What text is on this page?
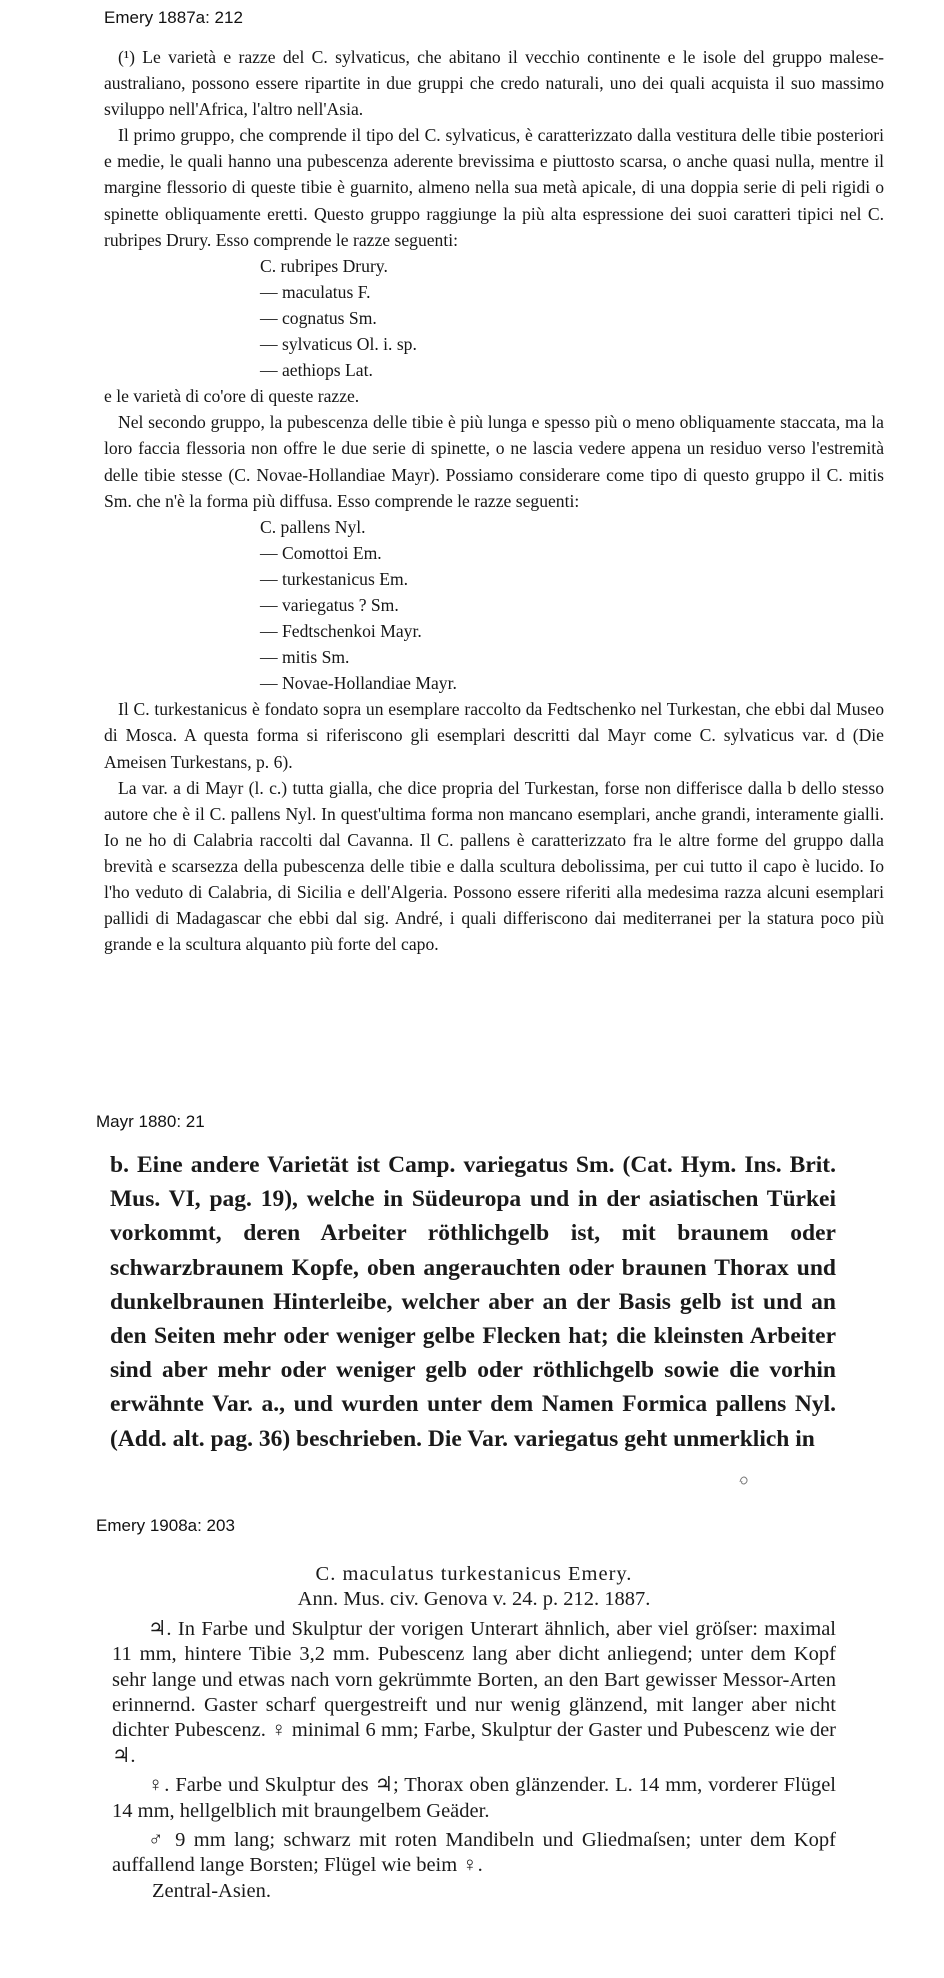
Emery 1887a: 212

(¹) Le varietà e razze del C. sylvaticus, che abitano il vecchio continente e le isole del gruppo malese-australiano, possono essere ripartite in due gruppi che credo naturali, uno dei quali acquista il suo massimo sviluppo nell'Africa, l'altro nell'Asia.

Il primo gruppo, che comprende il tipo del C. sylvaticus, è caratterizzato dalla vestitura delle tibie posteriori e medie, le quali hanno una pubescenza aderente brevissima e piuttosto scarsa, o anche quasi nulla, mentre il margine flessorio di queste tibie è guarnito, almeno nella sua metà apicale, di una doppia serie di peli rigidi o spinette obliquamente eretti. Questo gruppo raggiunge la più alta espressione dei suoi caratteri tipici nel C. rubripes Drury. Esso comprende le razze seguenti:

C. rubripes Drury.
— maculatus F.
— cognatus Sm.
— sylvaticus Ol. i. sp.
— aethiops Lat.

e le varietà di co'ore di queste razze.

Nel secondo gruppo, la pubescenza delle tibie è più lunga e spesso più o meno obliquamente staccata, ma la loro faccia flessoria non offre le due serie di spinette, o ne lascia vedere appena un residuo verso l'estremità delle tibie stesse (C. Novae-Hollandiae Mayr). Possiamo considerare come tipo di questo gruppo il C. mitis Sm. che n'è la forma più diffusa. Esso comprende le razze seguenti:

C. pallens Nyl.
— Comottoi Em.
— turkestanicus Em.
— variegatus ? Sm.
— Fedtschenkoi Mayr.
— mitis Sm.
— Novae-Hollandiae Mayr.

Il C. turkestanicus è fondato sopra un esemplare raccolto da Fedtschenko nel Turkestan, che ebbi dal Museo di Mosca. A questa forma si riferiscono gli esemplari descritti dal Mayr come C. sylvaticus var. d (Die Ameisen Turkestans, p. 6).

La var. a di Mayr (l. c.) tutta gialla, che dice propria del Turkestan, forse non differisce dalla b dello stesso autore che è il C. pallens Nyl. In quest'ultima forma non mancano esemplari, anche grandi, interamente gialli. Io ne ho di Calabria raccolti dal Cavanna. Il C. pallens è caratterizzato fra le altre forme del gruppo dalla brevità e scarsezza della pubescenza delle tibie e dalla scultura debolissima, per cui tutto il capo è lucido. Io l'ho veduto di Calabria, di Sicilia e dell'Algeria. Possono essere riferiti alla medesima razza alcuni esemplari pallidi di Madagascar che ebbi dal sig. André, i quali differiscono dai mediterranei per la statura poco più grande e la scultura alquanto più forte del capo.

Mayr 1880: 21

b. Eine andere Varietät ist Camp. variegatus Sm. (Cat. Hym. Ins. Brit. Mus. VI, pag. 19), welche in Südeuropa und in der asiatischen Türkei vorkommt, deren Arbeiter röthlichgelb ist, mit braunem oder schwarzbraunem Kopfe, oben angerauchten oder braunen Thorax und dunkelbraunen Hinterleibe, welcher aber an der Basis gelb ist und an den Seiten mehr oder weniger gelbe Flecken hat; die kleinsten Arbeiter sind aber mehr oder weniger gelb oder röthlichgelb sowie die vorhin erwähnte Var. a., und wurden unter dem Namen Formica pallens Nyl. (Add. alt. pag. 36) beschrieben. Die Var. variegatus geht unmerklich in

Emery 1908a: 203

C. maculatus turkestanicus Emery.

Ann. Mus. civ. Genova v. 24. p. 212. 1887.

♃. In Farbe und Skulptur der vorigen Unterart ähnlich, aber viel gröſser: maximal 11 mm, hintere Tibie 3,2 mm. Pubescenz lang aber dicht anliegend; unter dem Kopf sehr lange und etwas nach vorn gekrümmte Borten, an den Bart gewisser Messor-Arten erinnernd. Gaster scharf quergestreift und nur wenig glänzend, mit langer aber nicht dichter Pubescenz. ♀ minimal 6 mm; Farbe, Skulptur der Gaster und Pubescenz wie der ♃.

♀. Farbe und Skulptur des ♃; Thorax oben glänzender. L. 14 mm, vorderer Flügel 14 mm, hellgelblich mit braungelbem Geäder.

♂ 9 mm lang; schwarz mit roten Mandibeln und Gliedmaſsen; unter dem Kopf auffallend lange Borsten; Flügel wie beim ♀.

Zentral-Asien.
